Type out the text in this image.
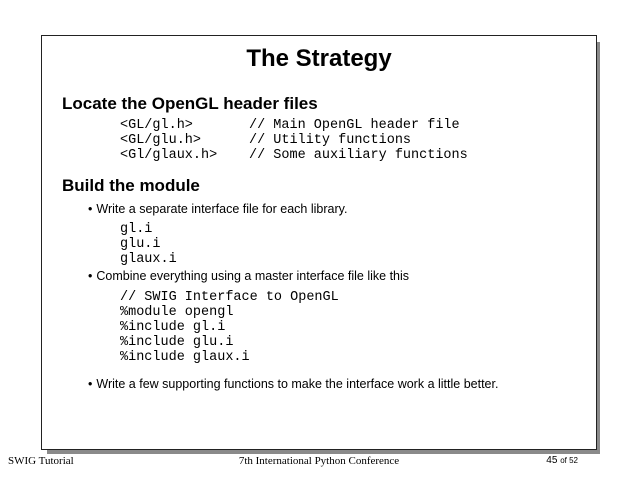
The Strategy
Locate the OpenGL header files
<GL/gl.h>	// Main OpenGL header file
<GL/glu.h>	// Utility functions
<Gl/glaux.h> // Some auxiliary functions
Build the module
• Write a separate interface file for each library.
gl.i
glu.i
glaux.i
• Combine everything using a master interface file like this
// SWIG Interface to OpenGL
%module opengl
%include gl.i
%include glu.i
%include glaux.i
• Write a few supporting functions to make the interface work a little better.
SWIG Tutorial	7th International Python Conference	45 of 52
